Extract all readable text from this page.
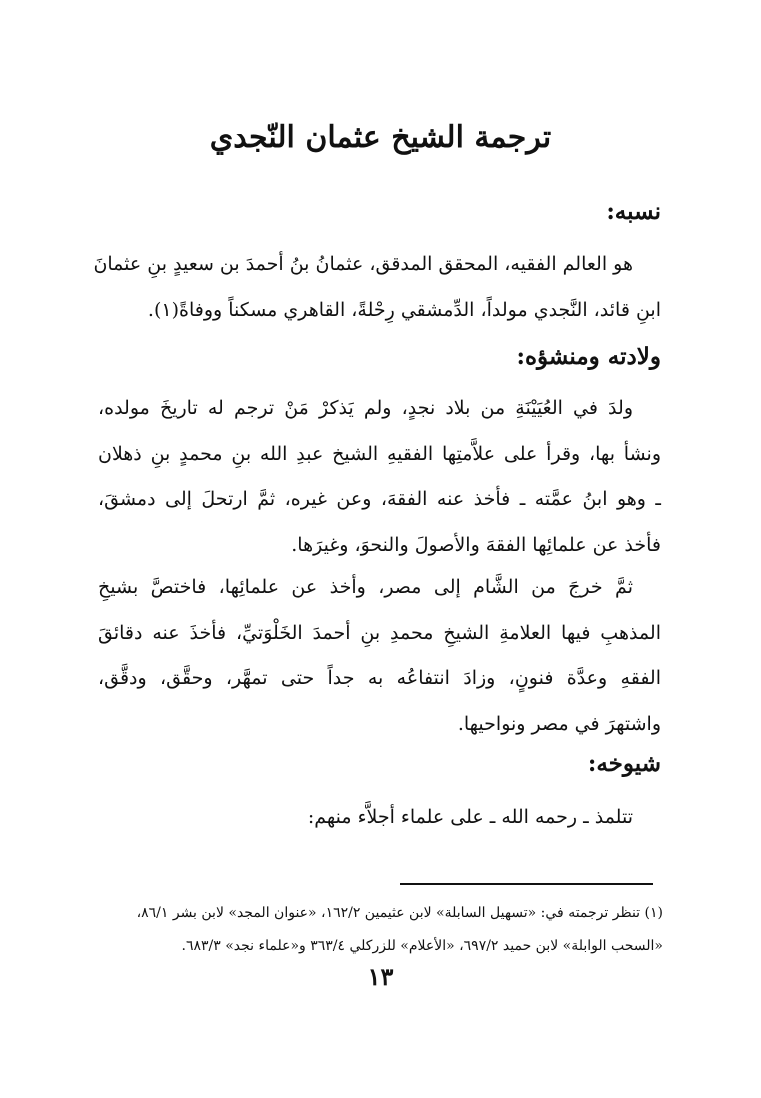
ترجمة الشيخ عثمان النّجدي
نسبه:
هو العالم الفقيه، المحقق المدقق، عثمانُ بنُ أحمدَ بن سعيدٍ بنِ عثمانَ
ابنِ قائد، النَّجدي مولداً، الدِّمشقي رِحْلةً، القاهري مسكناً ووفاةً(١).
ولادته ومنشؤه:
ولدَ في العُيَيْنَةِ من بلاد نجدٍ، ولم يَذكرْ مَنْ ترجم له تاريخَ مولده،
ونشأ بها، وقرأ على علاَّمتِها الفقيهِ الشيخ عبدِ الله بنِ محمدٍ بنِ ذهلان
ـ وهو ابنُ عمَّته ـ فأخذ عنه الفقهَ، وعن غيره، ثمَّ ارتحلَ إلى دمشقَ،
فأخذ عن علمائِها الفقهَ والأصولَ والنحوَ، وغيرَها.
ثمَّ خرجَ من الشَّام إلى مصر، وأخذ عن علمائِها، فاختصَّ بشيخِ
المذهبِ فيها العلامةِ الشيخِ محمدِ بنِ أحمدَ الخَلْوَتيِّ، فأخذَ عنه دقائقَ
الفقهِ وعدَّة فنونٍ، وزادَ انتفاعُه به جداً حتى تمهَّر، وحقَّق، ودقَّق،
واشتهرَ في مصر ونواحيها.
شيوخه:
تتلمذ ـ رحمه الله ـ على علماء أجلاَّء منهم:
(١) تنظر ترجمته في: «تسهيل السابلة» لابن عثيمين ١٦٢/٢، «عنوان المجد» لابن بشر ٨٦/١،
«السحب الوابلة» لابن حميد ٦٩٧/٢، «الأعلام» للزركلي ٣٦٣/٤ و«علماء نجد» ٦٨٣/٣.
١٣
